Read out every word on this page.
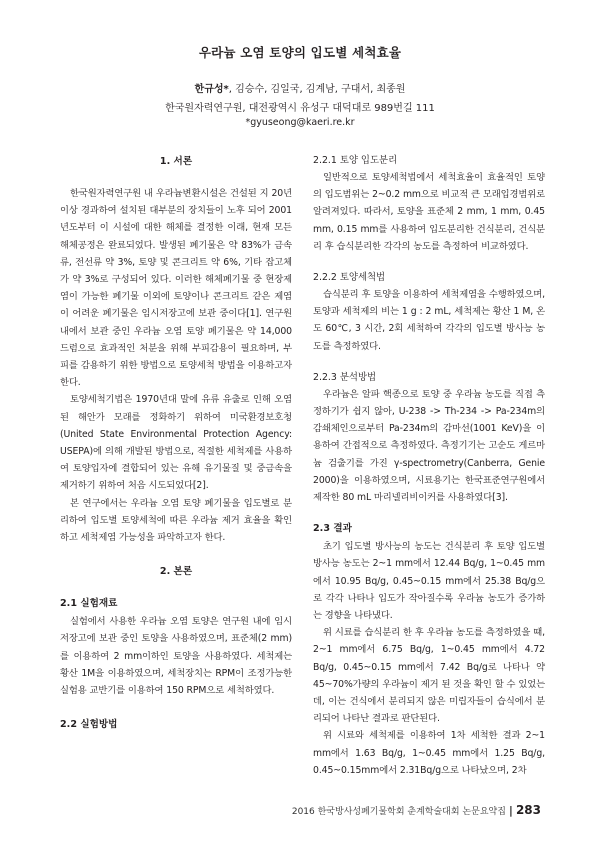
우라늄 오염 토양의 입도별 세척효율
한규성*, 김승수, 김일국, 김계남, 구대서, 최종원
한국원자력연구원, 대전광역시 유성구 대덕대로 989번길 111
*gyuseong@kaeri.re.kr
1. 서론

한국원자력연구원 내 우라늄변환시설은 건설된 지 20년 이상 경과하여 설치된 대부분의 장치들이 노후 되어 2001년도부터 이 시설에 대한 해체를 결정한 이래, 현재 모든 해체공정은 완료되었다. 발생된 폐기물은 약 83%가 금속류, 전선류 약 3%, 토양 및 콘크리트 약 6%, 기타 잡고체가 약 3%로 구성되어 있다. 이러한 해체폐기물 중 현장제염이 가능한 폐기물 이외에 토양이나 콘크리트 같은 제염이 어려운 폐기물은 임시저장고에 보관 중이다[1]. 연구원 내에서 보관 중인 우라늄 오염 토양 폐기물은 약 14,000 드럼으로 효과적인 처분을 위해 부피감용이 필요하며, 부피를 감용하기 위한 방법으로 토양세척 방법을 이용하고자 한다.

토양세척기법은 1970년대 말에 유류 유출로 인해 오염된 해안가 모래를 정화하기 위하여 미국환경보호청(United State Environmental Protection Agency: USEPA)에 의해 개발된 방법으로, 적절한 세척제를 사용하여 토양입자에 결합되어 있는 유해 유기물질 및 중금속을 제거하기 위하여 처음 시도되었다[2].

본 연구에서는 우라늄 오염 토양 폐기물을 입도별로 분리하여 입도별 토양세척에 따른 우라늄 제거 효율을 확인하고 세척제염 가능성을 파악하고자 한다.

2. 본론
2.1 실험재료

실험에서 사용한 우라늄 오염 토양은 연구원 내에 임시저장고에 보관 중인 토양을 사용하였으며, 표준체(2 mm)를 이용하여 2 mm이하인 토양을 사용하였다. 세척제는 황산 1M을 이용하였으며, 세척장치는 RPM이 조정가능한 실험용 교반기를 이용하여 150 RPM으로 세척하였다.

2.2 실험방법
2.2.1 토양 입도분리

일반적으로 토양세척법에서 세척효율이 효율적인 토양의 입도범위는 2~0.2 mm으로 비교적 큰 모래입경범위로 알려져있다. 따라서, 토양을 표준체 2 mm, 1 mm, 0.45 mm, 0.15 mm를 사용하여 입도분리한 건식분리, 건식분리 후 습식분리한 각각의 농도를 측정하여 비교하였다.

2.2.2 토양세척법

습식분리 후 토양을 이용하여 세척제염을 수행하였으며, 토양과 세척제의 비는 1 g : 2 mL, 세척제는 황산 1 M, 온도 60℃, 3 시간, 2회 세척하여 각각의 입도별 방사능 농도를 측정하였다.

2.2.3 분석방법

우라늄은 알파 핵종으로 토양 중 우라늄 농도를 직접 측정하기가 쉽지 않아, U-238 -> Th-234 -> Pa-234m의 감쇄체인으로부터 Pa-234m의 감마선(1001 KeV)을 이용하여 간접적으로 측정하였다. 측정기기는 고순도 게르마늄 검출기를 가진 γ-spectrometry(Canberra, Genie 2000)을 이용하였으며, 시료용기는 한국표준연구원에서 제작한 80 mL 마리넬리비이커를 사용하였다[3].

2.3 결과

초기 입도별 방사능의 농도는 건식분리 후 토양 입도별 방사능 농도는 2~1 mm에서 12.44 Bq/g, 1~0.45 mm에서 10.95 Bq/g, 0.45~0.15 mm에서 25.38 Bq/g으로 각각 나타나 입도가 작아질수록 우라늄 농도가 증가하는 경향을 나타냈다.

위 시료를 습식분리 한 후 우라늄 농도를 측정하였을 때, 2~1 mm에서 6.75 Bq/g, 1~0.45 mm에서 4.72 Bq/g, 0.45~0.15 mm에서 7.42 Bq/g로 나타나 약 45~70%가량의 우라늄이 제거 된 것을 확인 할 수 있었는데, 이는 건식에서 분리되지 않은 미립자들이 습식에서 분리되어 나타난 결과로 판단된다.

위 시료와 세척제를 이용하여 1차 세척한 결과 2~1 mm에서 1.63 Bq/g, 1~0.45 mm에서 1.25 Bq/g, 0.45~0.15mm에서 2.31Bq/g으로 나타났으며, 2차

2016 한국방사성폐기물학회 춘계학술대회 논문요약집 | 283
